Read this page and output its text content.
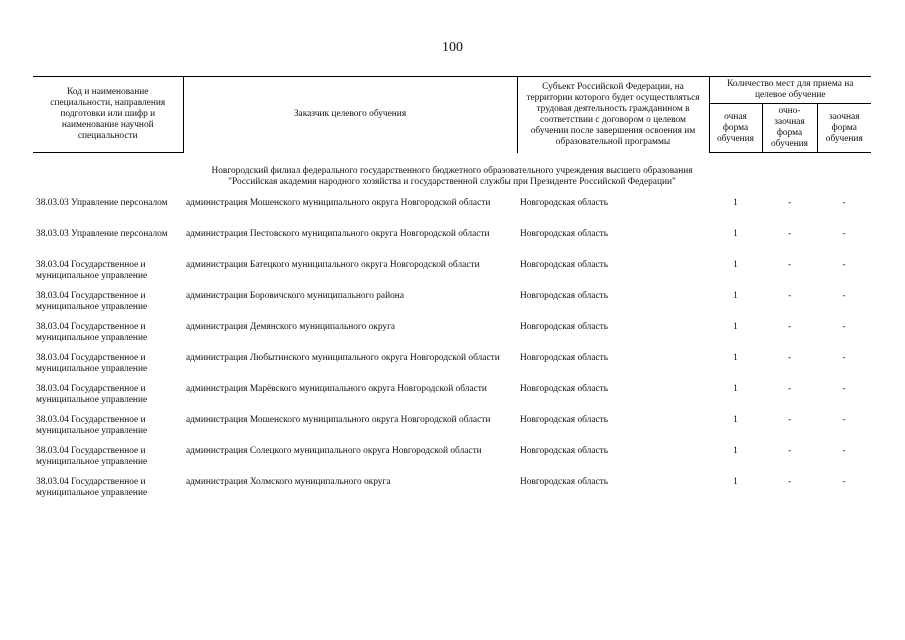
100
Код и наименование специальности, направления подготовки или шифр и наименование научной специальности	Заказчик целевого обучения	Субъект Российской Федерации, на территории которого будет осуществляться трудовая деятельность гражданином в соответствии с договором о целевом обучении после завершения освоения им образовательной программы	Количество мест для приема на целевое обучение		
			очная форма обучения	очно-заочная форма обучения	заочная форма обучения
Новгородский филиал федерального государственного бюджетного образовательного учреждения высшего образования
"Российская академия народного хозяйства и государственной службы при Президенте Российской Федерации"					
38.03.03 Управление персоналом	администрация Мошенского муниципального округа Новгородской области	Новгородская область	1	-	-
38.03.03 Управление персоналом	администрация Пестовского муниципального округа Новгородской области	Новгородская область	1	-	-
38.03.04 Государственное и муниципальное управление	администрация Батецкого муниципального округа Новгородской области	Новгородская область	1	-	-
38.03.04 Государственное и муниципальное управление	администрация Боровичского муниципального района	Новгородская область	1	-	-
38.03.04 Государственное и муниципальное управление	администрация Демянского муниципального округа	Новгородская область	1	-	-
38.03.04 Государственное и муниципальное управление	администрация Любытинского муниципального округа Новгородской области	Новгородская область	1	-	-
38.03.04 Государственное и муниципальное управление	администрация Марёвского муниципального округа Новгородской области	Новгородская область	1	-	-
38.03.04 Государственное и муниципальное управление	администрация Мошенского муниципального округа Новгородской области	Новгородская область	1	-	-
38.03.04 Государственное и муниципальное управление	администрация Солецкого муниципального округа Новгородской области	Новгородская область	1	-	-
38.03.04 Государственное и муниципальное управление	администрация Холмского муниципального округа	Новгородская область	1	-	-
